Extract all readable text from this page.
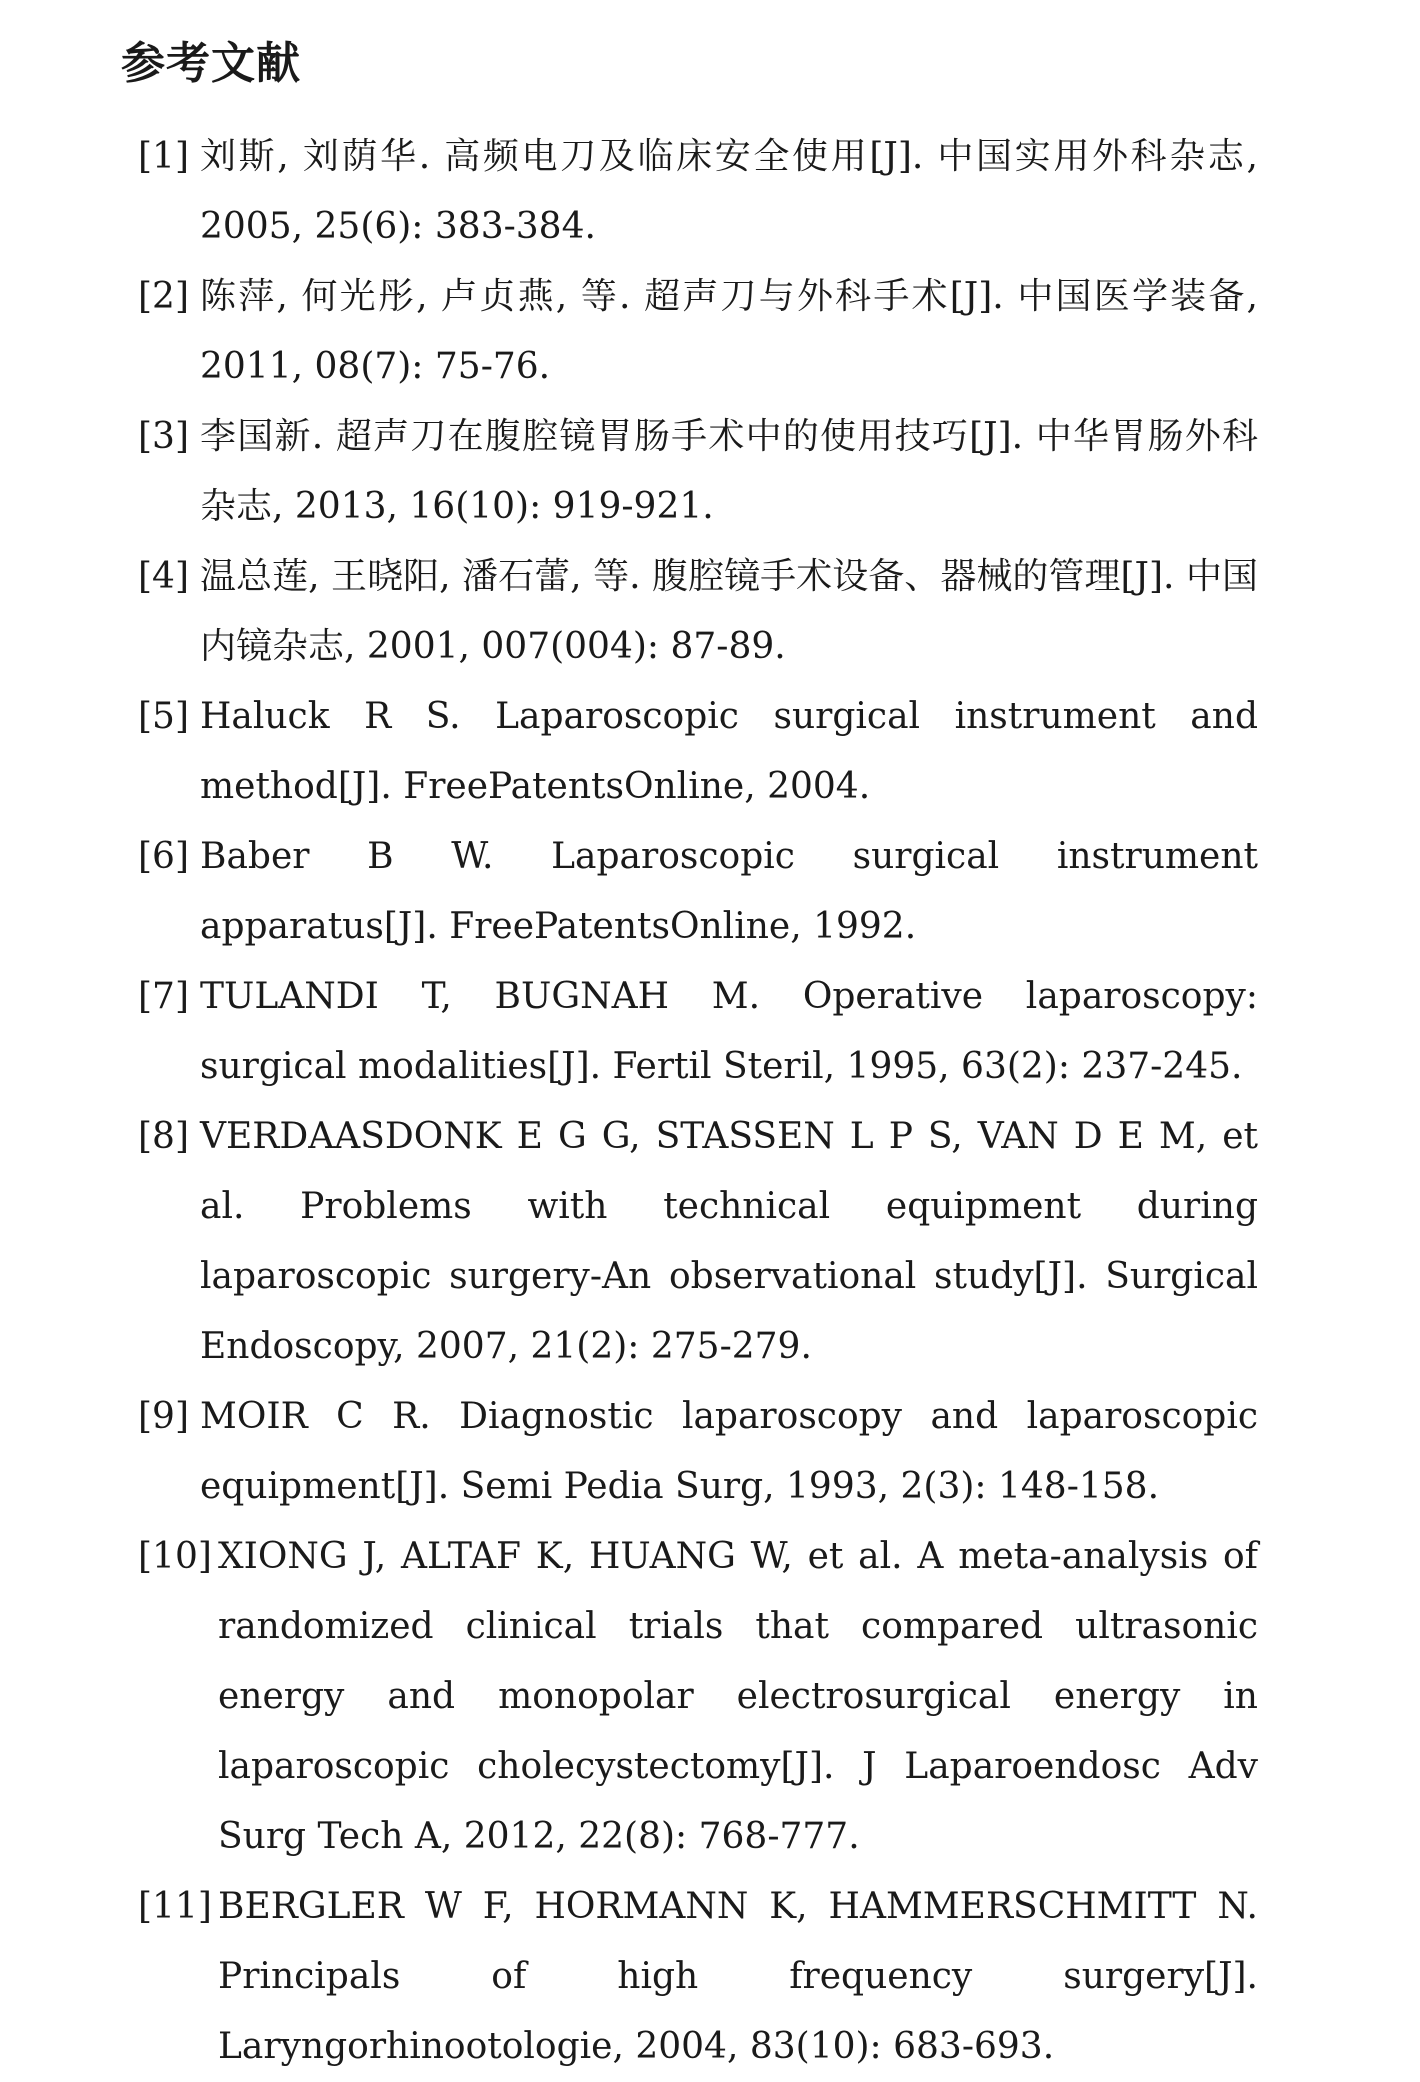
参考文献
[1] 刘斯, 刘荫华. 高频电刀及临床安全使用[J]. 中国实用外科杂志, 2005, 25(6): 383-384.
[2] 陈萍, 何光彤, 卢贞燕, 等. 超声刀与外科手术[J]. 中国医学装备, 2011, 08(7): 75-76.
[3] 李国新. 超声刀在腹腔镜胃肠手术中的使用技巧[J]. 中华胃肠外科杂志, 2013, 16(10): 919-921.
[4] 温总莲, 王晓阳, 潘石蕾, 等. 腹腔镜手术设备、器械的管理[J]. 中国内镜杂志, 2001, 007(004): 87-89.
[5] Haluck R S. Laparoscopic surgical instrument and method[J]. FreePatentsOnline, 2004.
[6] Baber B W. Laparoscopic surgical instrument apparatus[J]. FreePatentsOnline, 1992.
[7] TULANDI T, BUGNAH M. Operative laparoscopy: surgical modalities[J]. Fertil Steril, 1995, 63(2): 237-245.
[8] VERDAASDONK E G G, STASSEN L P S, VAN D E M, et al. Problems with technical equipment during laparoscopic surgery-An observational study[J]. Surgical Endoscopy, 2007, 21(2): 275-279.
[9] MOIR C R. Diagnostic laparoscopy and laparoscopic equipment[J]. Semi Pedia Surg, 1993, 2(3): 148-158.
[10] XIONG J, ALTAF K, HUANG W, et al. A meta-analysis of randomized clinical trials that compared ultrasonic energy and monopolar electrosurgical energy in laparoscopic cholecystectomy[J]. J Laparoendosc Adv Surg Tech A, 2012, 22(8): 768-777.
[11] BERGLER W F, HORMANN K, HAMMERSCHMITT N. Principals of high frequency surgery[J]. Laryngorhinootologie, 2004, 83(10): 683-693.
